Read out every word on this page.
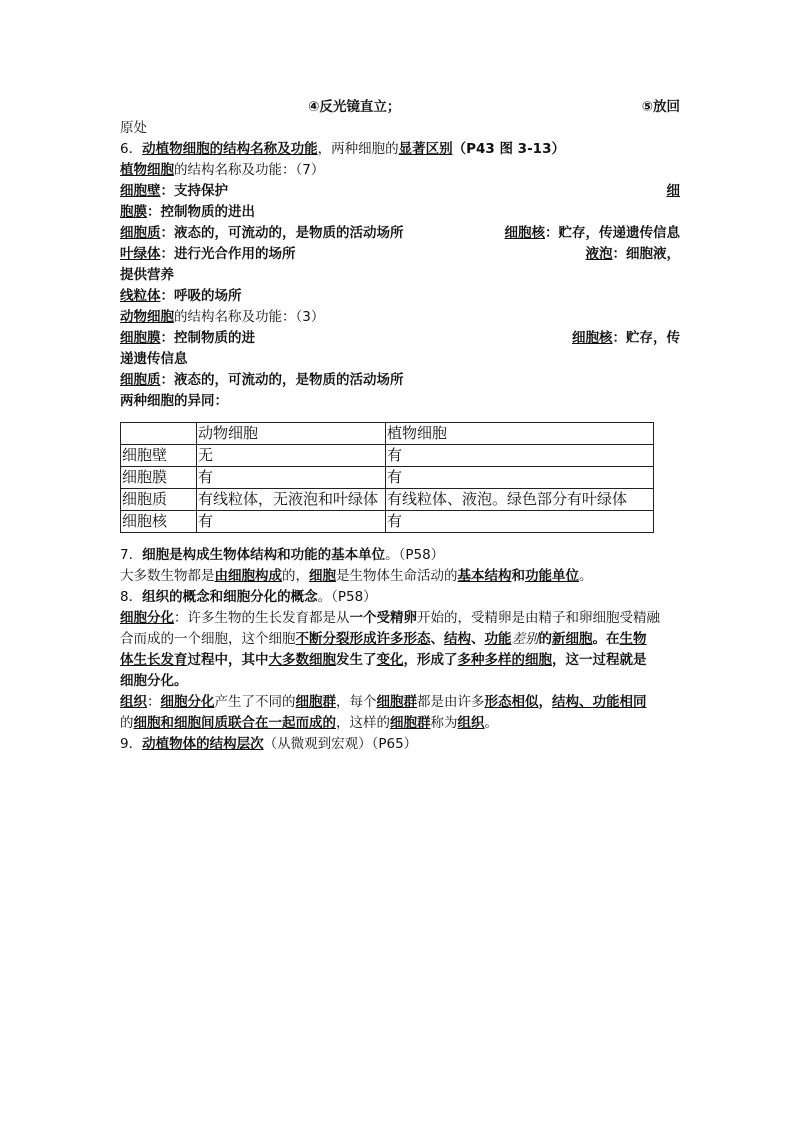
④反光镜直立；	⑤放回
原处
6．动植物细胞的结构名称及功能，两种细胞的显著区别（P43 图 3-13）
植物细胞的结构名称及功能：（7）
细胞壁：支持保护	细
胞膜：控制物质的进出
细胞质：液态的，可流动的，是物质的活动场所	细胞核：贮存，传递遗传信息
叶绿体：进行光合作用的场所	液泡：细胞液，
提供营养
线粒体：呼吸的场所
动物细胞的结构名称及功能：（3）
细胞膜：控制物质的进	细胞核：贮存，传
递遗传信息
细胞质：液态的，可流动的，是物质的活动场所
两种细胞的异同：
	动物细胞	植物细胞
细胞壁	无	有
细胞膜	有	有
细胞质	有线粒体，无液泡和叶绿体	有线粒体、液泡。绿色部分有叶绿体
细胞核	有	有
7．细胞是构成生物体结构和功能的基本单位。（P58）
大多数生物都是由细胞构成的，细胞是生物体生命活动的基本结构和功能单位。
8．组织的概念和细胞分化的概念。（P58）
细胞分化：许多生物的生长发育都是从一个受精卵开始的，受精卵是由精子和卵细胞受精融
合而成的一个细胞，这个细胞不断分裂形成许多形态、结构、功能差别的新细胞。在生物
体生长发育过程中，其中大多数细胞发生了变化，形成了多种多样的细胞，这一过程就是
细胞分化。
组织：细胞分化产生了不同的细胞群，每个细胞群都是由许多形态相似，结构、功能相同
的细胞和细胞间质联合在一起而成的，这样的细胞群称为组织。
9．动植物体的结构层次（从微观到宏观）（P65）
